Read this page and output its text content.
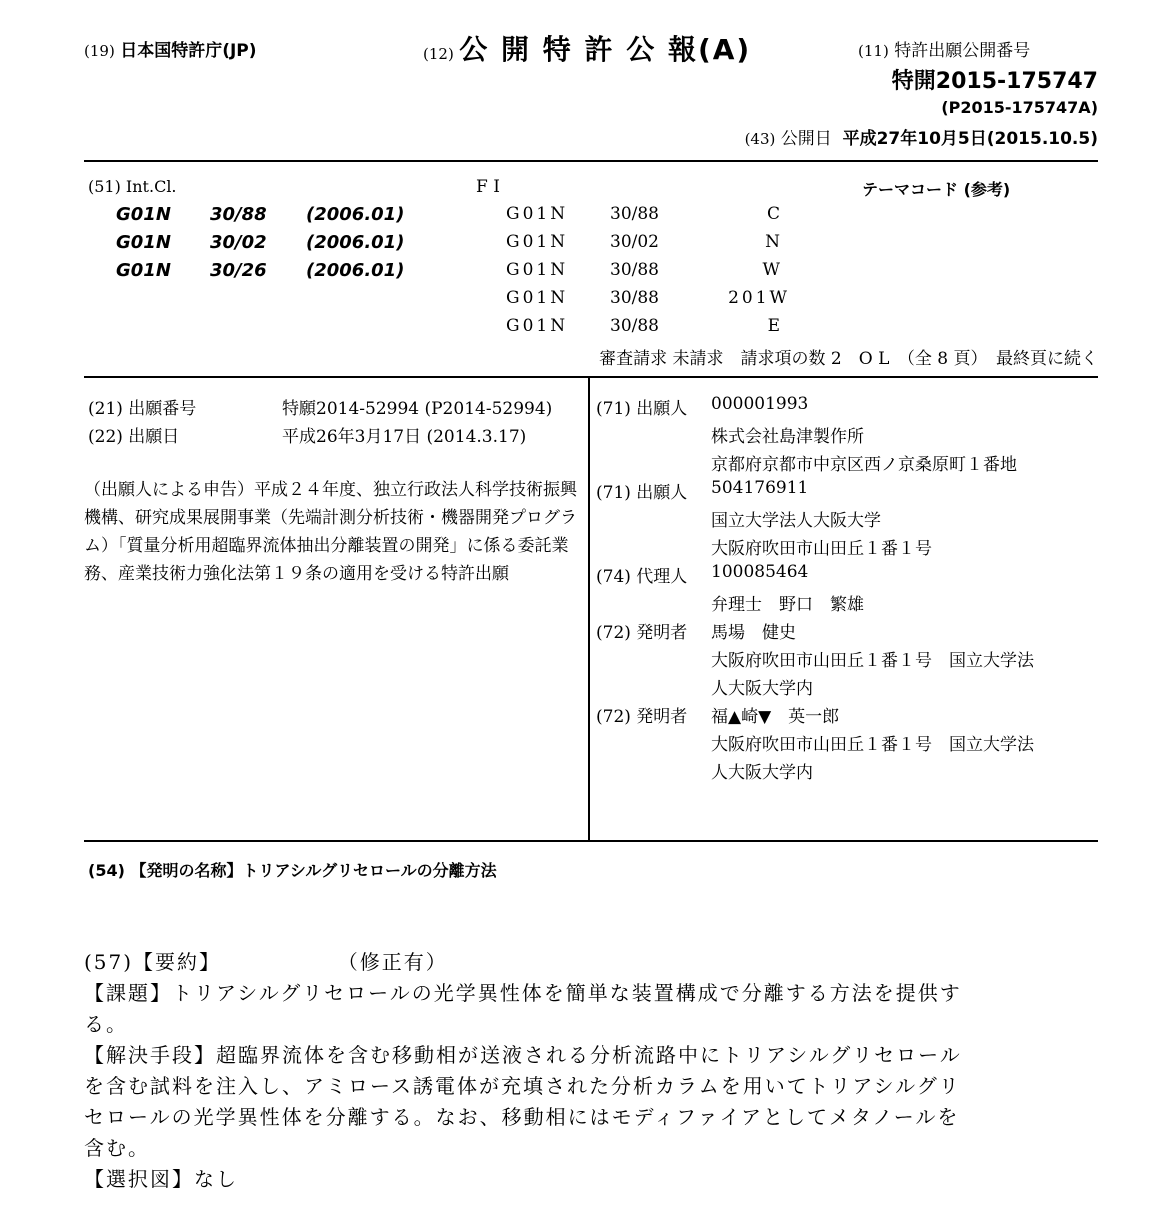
(19) 日本国特許庁(JP)	(12) 公 開 特 許 公 報(A)	(11) 特許出願公開番号
特開2015-175747
(P2015-175747A)
(43) 公開日 平成27年10月5日(2015.10.5)
(51) Int.Cl.	F I	テーマコード (参考)
G01N 30/88 (2006.01)
G01N 30/02 (2006.01)
G01N 30/26 (2006.01)
G01N 30/88	C
G01N 30/02	N
G01N 30/88	W
G01N 30/88	201W
G01N 30/88	E
審査請求 未請求　請求項の数 2　O L　（全 8 頁）　最終頁に続く
(21) 出願番号	特願2014-52994 (P2014-52994)
(22) 出願日	平成26年3月17日 (2014.3.17)
（出願人による申告）平成２４年度、独立行政法人科学技術振興機構、研究成果展開事業（先端計測分析技術・機器開発プログラム）「質量分析用超臨界流体抽出分離装置の開発」に係る委託業務、産業技術力強化法第１９条の適用を受ける特許出願
(71) 出願人 000001993
株式会社島津製作所
京都府京都市中京区西ノ京桑原町１番地
(71) 出願人 504176911
国立大学法人大阪大学
大阪府吹田市山田丘１番１号
(74) 代理人 100085464
弁理士　野口　繁雄
(72) 発明者 馬場　健史
大阪府吹田市山田丘１番１号　国立大学法
人大阪大学内
(72) 発明者 福▲崎▼　英一郎
大阪府吹田市山田丘１番１号　国立大学法
人大阪大学内
(54) 【発明の名称】トリアシルグリセロールの分離方法
(57)【要約】	（修正有）
【課題】トリアシルグリセロールの光学異性体を簡単な装置構成で分離する方法を提供す
る。
【解決手段】超臨界流体を含む移動相が送液される分析流路中にトリアシルグリセロール
を含む試料を注入し、アミロース誘電体が充填された分析カラムを用いてトリアシルグリ
セロールの光学異性体を分離する。なお、移動相にはモディファイアとしてメタノールを
含む。
【選択図】なし
